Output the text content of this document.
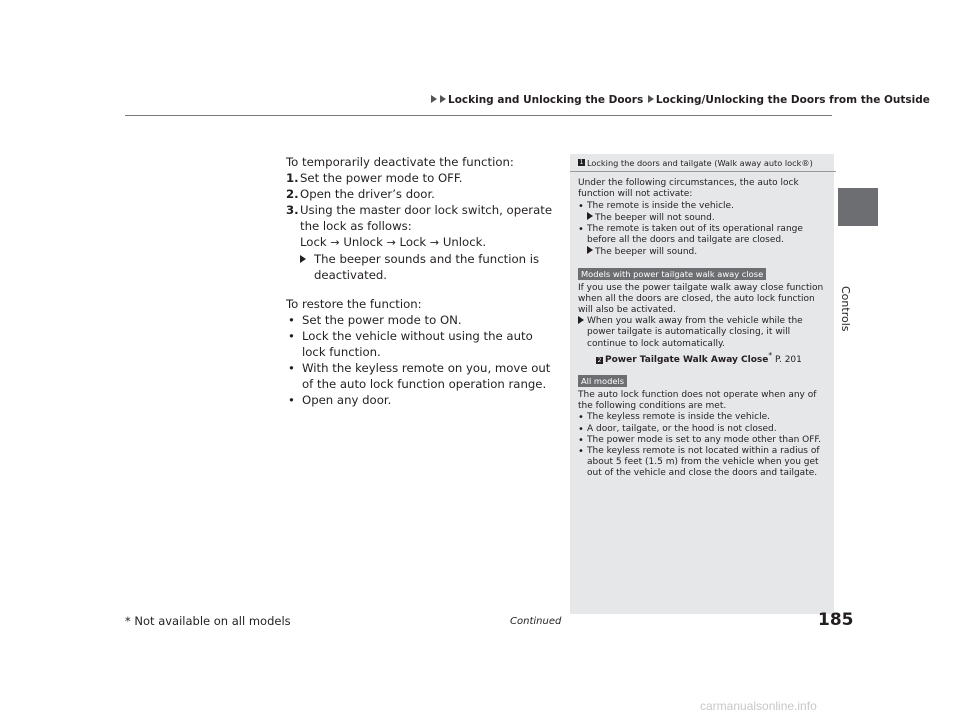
Locking and Unlocking the Doors Locking/Unlocking the Doors from the Outside
Controls

To temporarily deactivate the function:

1. Set the power mode to OFF.
2. Open the driver’s door.
3. Using the master door lock switch, operate the lock as follows:
Lock → Unlock → Lock → Unlock.
The beeper sounds and the function is deactivated.

To restore the function:

• Set the power mode to ON.
• Lock the vehicle without using the auto lock function.
• With the keyless remote on you, move out of the auto lock function operation range.
• Open any door.
1 Locking the doors and tailgate (Walk away auto lock®)

Under the following circumstances, the auto lock function will not activate:

• The remote is inside the vehicle.
The beeper will not sound.
• The remote is taken out of its operational range before all the doors and tailgate are closed.
The beeper will sound.
Models with power tailgate walk away close

If you use the power tailgate walk away close function when all the doors are closed, the auto lock function will also be activated.

When you walk away from the vehicle while the power tailgate is automatically closing, it will continue to lock automatically.
2 Power Tailgate Walk Away Close* P. 201
All models

The auto lock function does not operate when any of the following conditions are met.

• The keyless remote is inside the vehicle.
• A door, tailgate, or the hood is not closed.
• The power mode is set to any mode other than OFF.
• The keyless remote is not located within a radius of about 5 feet (1.5 m) from the vehicle when you get out of the vehicle and close the doors and tailgate.
* Not available on all models	Continued	185
carmanualsonline.info
